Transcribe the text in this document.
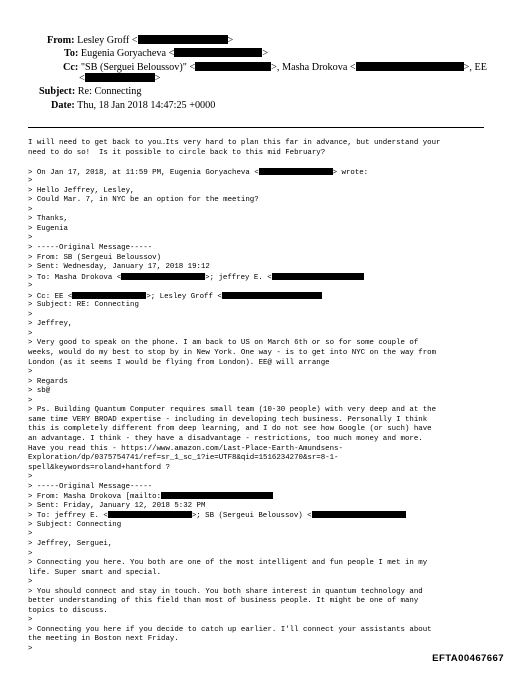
From: Lesley Groff <	>
To: Eugenia Goryacheva <	>
Cc: "SB (Serguei Beloussov)" <	>, Masha Drokova <	>, EE
<	>
Subject: Re: Connecting
Date: Thu, 18 Jan 2018 14:47:25 +0000
I will need to get back to you…Its very hard to plan this far in advance, but understand your
need to do so!  Is it possible to circle back to this mid February?
> On Jan 17, 2018, at 11:59 PM, Eugenia Goryacheva <	> wrote:
>
> Hello Jeffrey, Lesley,
> Could Mar. 7, in NYC be an option for the meeting?
>
> Thanks,
> Eugenia
>
> -----Original Message-----
> From: SB (Sergeui Beloussov)
> Sent: Wednesday, January 17, 2018 19:12
> To: Masha Drokova <	>; jeffrey E. <
>
> Cc: EE <	>; Lesley Groff <
> Subject: RE: Connecting
>
> Jeffrey,
>
> Very good to speak on the phone. I am back to US on March 6th or so for some couple of
weeks, would do my best to stop by in New York. One way - is to get into NYC on the way from
London (as it seems I would be flying from London). EE@ will arrange
>
> Regards
> sb@
>
> Ps. Building Quantum Computer requires small team (10-30 people) with very deep and at the
same time VERY BROAD expertise - including in developing tech business. Personally I think
this is completely different from deep learning, and I do not see how Google (or such) have
an advantage. I think - they have a disadvantage - restrictions, too much money and more.
Have you read this - https://www.amazon.com/Last-Place-Earth-Amundsens-
Exploration/dp/0375754741/ref=sr_1_sc_1?ie=UTF8&qid=1516234270&sr=8-1-
spell&keywords=roland+hantford ?
>
> -----Original Message-----
> From: Masha Drokova [mailto:
> Sent: Friday, January 12, 2018 5:32 PM
> To: jeffrey E. <	>; SB (Sergeui Beloussov) <
> Subject: Connecting
>
> Jeffrey, Serguei,
>
> Connecting you here. You both are one of the most intelligent and fun people I met in my
life. Super smart and special.
>
> You should connect and stay in touch. You both share interest in quantum technology and
better understanding of this field than most of business people. It might be one of many
topics to discuss.
>
> Connecting you here if you decide to catch up earlier. I'll connect your assistants about
the meeting in Boston next Friday.
>
EFTA00467667
